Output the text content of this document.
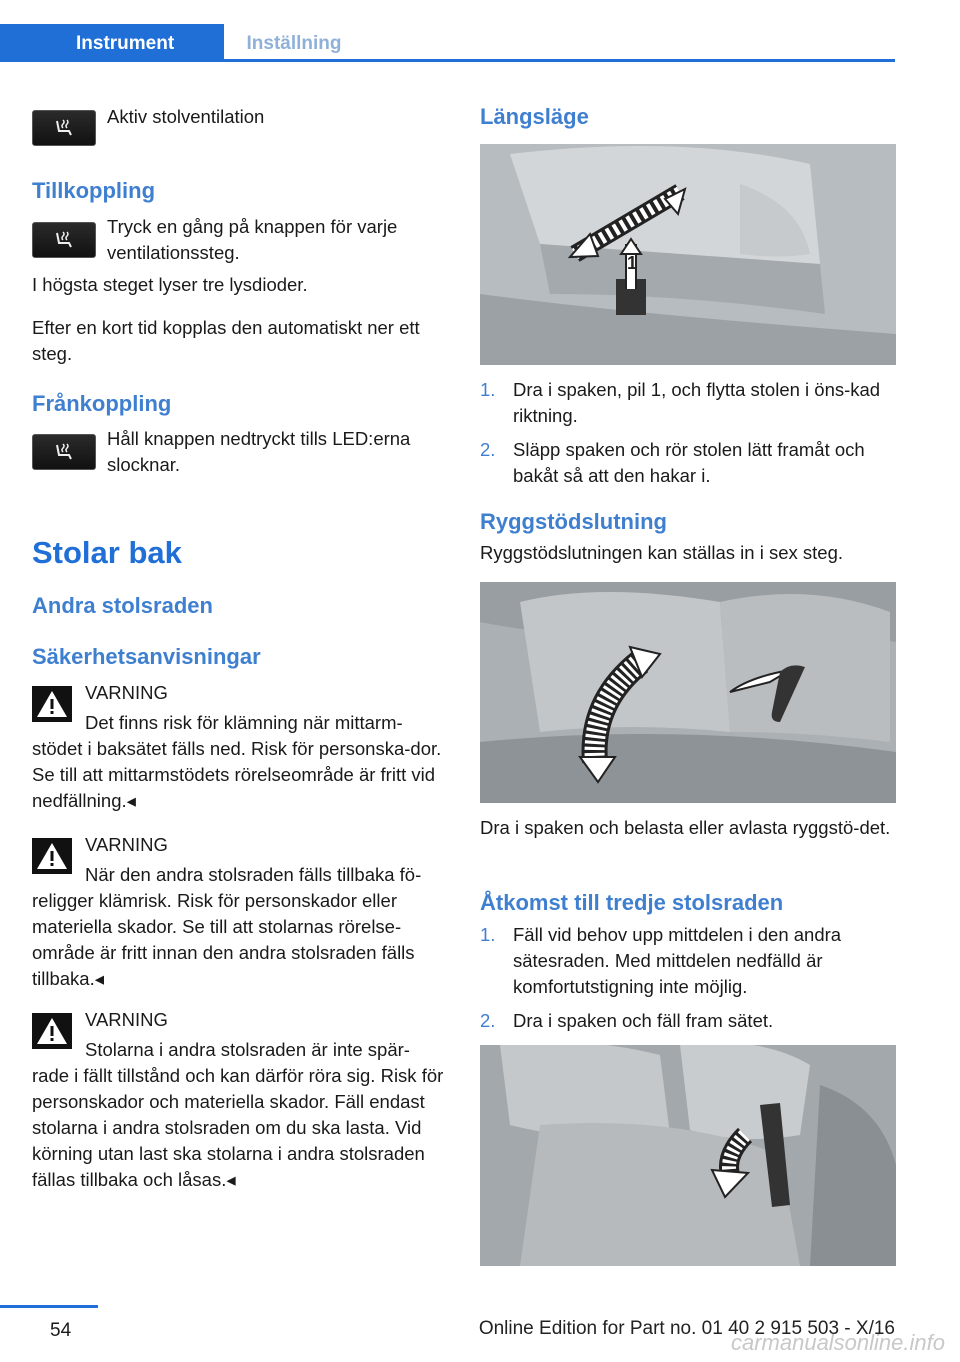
Instrument	Inställning
Aktiv stolventilation
Tillkoppling
Tryck en gång på knappen för varje ventilationssteg.
I högsta steget lyser tre lysdioder.
Efter en kort tid kopplas den automatiskt ner ett steg.
Frånkoppling
Håll knappen nedtryckt tills LED:erna slocknar.
Stolar bak
Andra stolsraden
Säkerhetsanvisningar
VARNING
Det finns risk för klämning när mittarm-
stödet i baksätet fälls ned. Risk för personska-dor. Se till att mittarmstödets rörelseområde är fritt vid nedfällning.◂
VARNING
När den andra stolsraden fälls tillbaka fö-
religger klämrisk. Risk för personskador eller materiella skador. Se till att stolarnas rörelse-område är fritt innan den andra stolsraden fälls tillbaka.◂
VARNING
Stolarna i andra stolsraden är inte spär-
rade i fällt tillstånd och kan därför röra sig. Risk för personskador och materiella skador. Fäll endast stolarna i andra stolsraden om du ska lasta. Vid körning utan last ska stolarna i andra stolsraden fällas tillbaka och låsas.◂
Längsläge
1
1. Dra i spaken, pil 1, och flytta stolen i öns-kad riktning.
2. Släpp spaken och rör stolen lätt framåt och bakåt så att den hakar i.
Ryggstödslutning
Ryggstödslutningen kan ställas in i sex steg.
Dra i spaken och belasta eller avlasta ryggstö-det.
Åtkomst till tredje stolsraden
1. Fäll vid behov upp mittdelen i den andra sätesraden. Med mittdelen nedfälld är komfortutstigning inte möjlig.
2. Dra i spaken och fäll fram sätet.
54	Online Edition for Part no. 01 40 2 915 503 - X/16
carmanualsonline.info
